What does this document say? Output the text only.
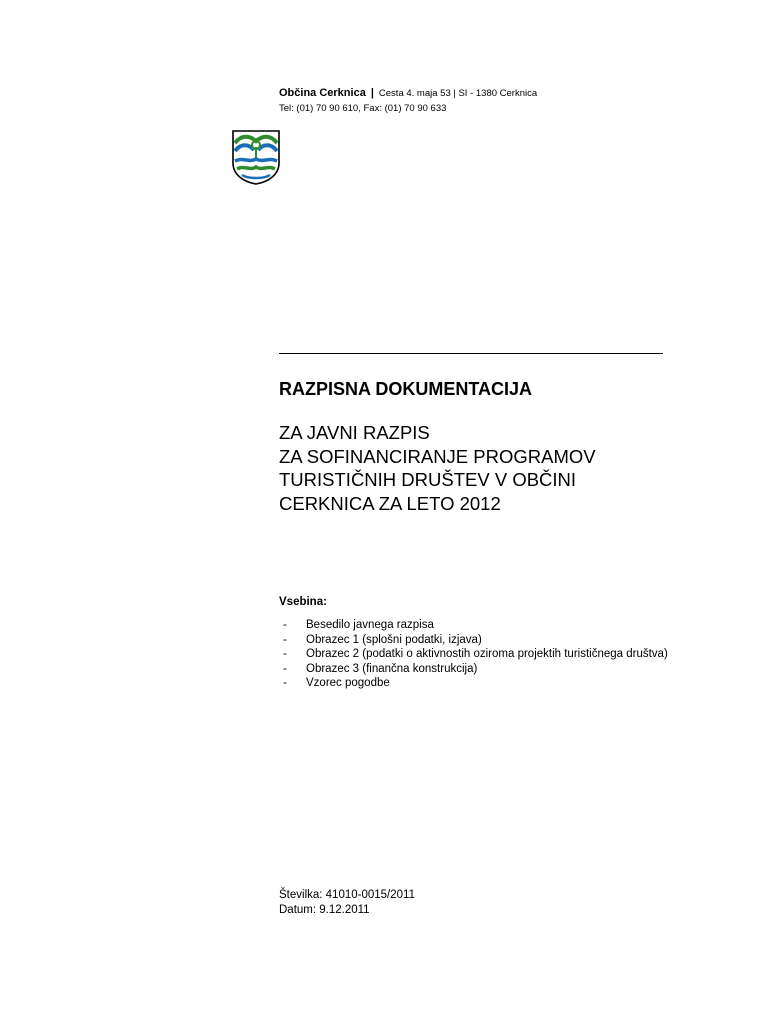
Občina Cerknica | Cesta 4. maja 53 | SI - 1380 Cerknica
Tel: (01) 70 90 610, Fax: (01) 70 90 633
RAZPISNA DOKUMENTACIJA
ZA JAVNI RAZPIS
ZA SOFINANCIRANJE PROGRAMOV
TURISTIČNIH DRUŠTEV V OBČINI
CERKNICA ZA LETO 2012
Vsebina:
- Besedilo javnega razpisa
- Obrazec 1 (splošni podatki, izjava)
- Obrazec 2 (podatki o aktivnostih oziroma projektih turističnega društva)
- Obrazec 3 (finančna konstrukcija)
- Vzorec pogodbe
Številka: 41010-0015/2011
Datum: 9.12.2011
